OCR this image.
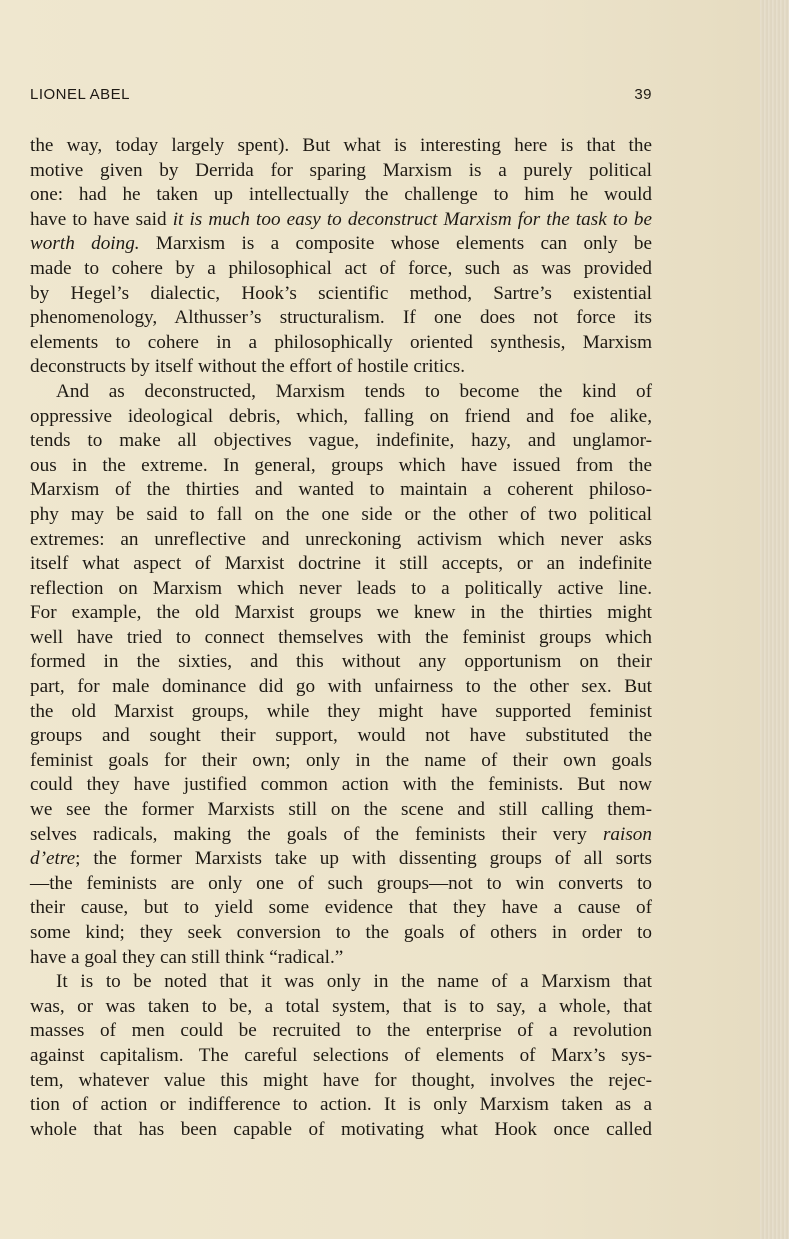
LIONEL ABEL	39
the way, today largely spent). But what is interesting here is that the
motive given by Derrida for sparing Marxism is a purely political
one: had he taken up intellectually the challenge to him he would
have to have said it is much too easy to deconstruct Marxism for the task to be
worth doing. Marxism is a composite whose elements can only be
made to cohere by a philosophical act of force, such as was provided
by Hegel’s dialectic, Hook’s scientific method, Sartre’s existential
phenomenology, Althusser’s structuralism. If one does not force its
elements to cohere in a philosophically oriented synthesis, Marxism
deconstructs by itself without the effort of hostile critics.
And as deconstructed, Marxism tends to become the kind of
oppressive ideological debris, which, falling on friend and foe alike,
tends to make all objectives vague, indefinite, hazy, and unglamor-
ous in the extreme. In general, groups which have issued from the
Marxism of the thirties and wanted to maintain a coherent philoso-
phy may be said to fall on the one side or the other of two political
extremes: an unreflective and unreckoning activism which never asks
itself what aspect of Marxist doctrine it still accepts, or an indefinite
reflection on Marxism which never leads to a politically active line.
For example, the old Marxist groups we knew in the thirties might
well have tried to connect themselves with the feminist groups which
formed in the sixties, and this without any opportunism on their
part, for male dominance did go with unfairness to the other sex. But
the old Marxist groups, while they might have supported feminist
groups and sought their support, would not have substituted the
feminist goals for their own; only in the name of their own goals
could they have justified common action with the feminists. But now
we see the former Marxists still on the scene and still calling them-
selves radicals, making the goals of the feminists their very raison
d’etre; the former Marxists take up with dissenting groups of all sorts
—the feminists are only one of such groups—not to win converts to
their cause, but to yield some evidence that they have a cause of
some kind; they seek conversion to the goals of others in order to
have a goal they can still think “radical.”
It is to be noted that it was only in the name of a Marxism that
was, or was taken to be, a total system, that is to say, a whole, that
masses of men could be recruited to the enterprise of a revolution
against capitalism. The careful selections of elements of Marx’s sys-
tem, whatever value this might have for thought, involves the rejec-
tion of action or indifference to action. It is only Marxism taken as a
whole that has been capable of motivating what Hook once called
